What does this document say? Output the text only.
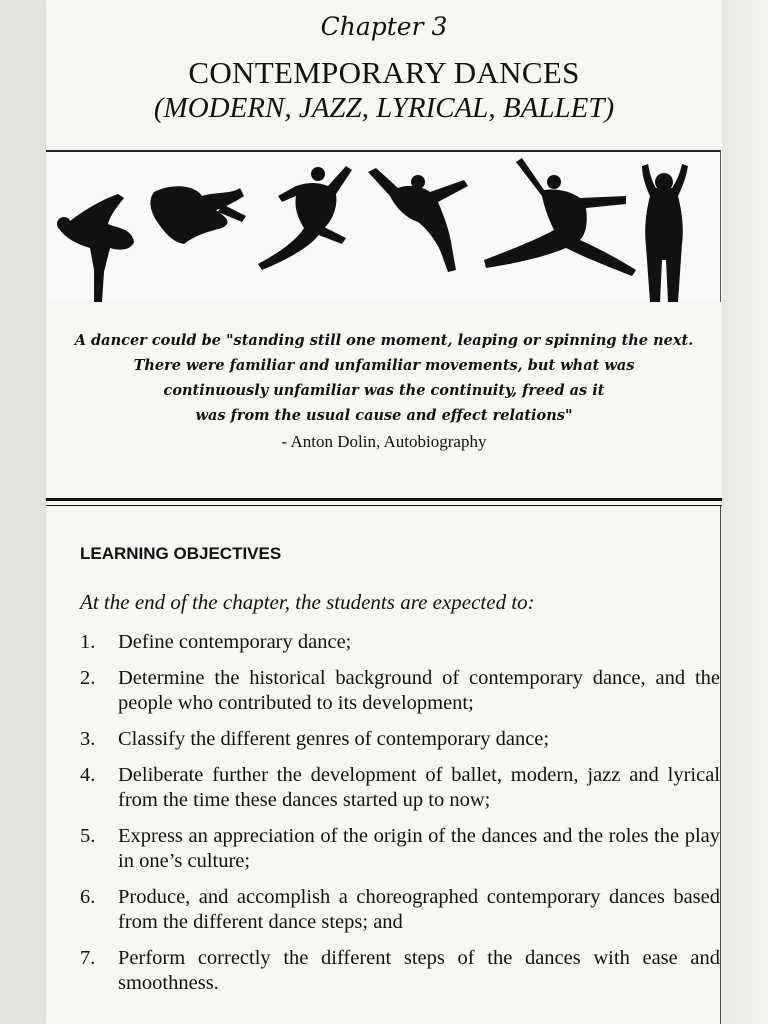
Chapter 3
CONTEMPORARY DANCES
(MODERN, JAZZ, LYRICAL, BALLET)
A dancer could be "standing still one moment, leaping or spinning the next.
There were familiar and unfamiliar movements, but what was
continuously unfamiliar was the continuity, freed as it
was from the usual cause and effect relations"
- Anton Dolin, Autobiography
LEARNING OBJECTIVES
At the end of the chapter, the students are expected to:
1.	Define contemporary dance;
2.	Determine the historical background of contemporary dance, and the people who contributed to its development;
3.	Classify the different genres of contemporary dance;
4.	Deliberate further the development of ballet, modern, jazz and lyrical from the time these dances started up to now;
5.	Express an appreciation of the origin of the dances and the roles the play in one’s culture;
6.	Produce, and accomplish a choreographed contemporary dances based from the different dance steps; and
7.	Perform correctly the different steps of the dances with ease and smoothness.
